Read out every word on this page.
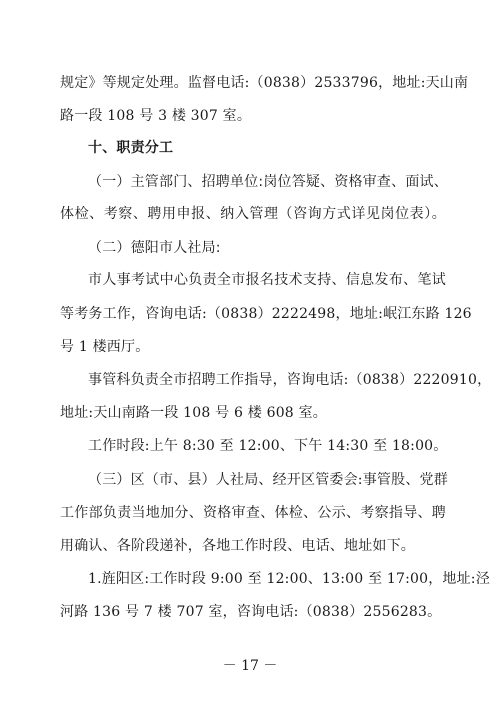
规定》等规定处理。监督电话:（0838）2533796，地址:天山南
路一段 108 号 3 楼 307 室。
十、职责分工
（一）主管部门、招聘单位:岗位答疑、资格审查、面试、
体检、考察、聘用申报、纳入管理（咨询方式详见岗位表）。
（二）德阳市人社局:
市人事考试中心负责全市报名技术支持、信息发布、笔试
等考务工作，咨询电话:（0838）2222498，地址:岷江东路 126
号 1 楼西厅。
事管科负责全市招聘工作指导，咨询电话:（0838）2220910，
地址:天山南路一段 108 号 6 楼 608 室。
工作时段:上午 8:30 至 12:00、下午 14:30 至 18:00。
（三）区（市、县）人社局、经开区管委会:事管股、党群
工作部负责当地加分、资格审查、体检、公示、考察指导、聘
用确认、各阶段递补，各地工作时段、电话、地址如下。
1.旌阳区:工作时段 9:00 至 12:00、13:00 至 17:00，地址:泾
河路 136 号 7 楼 707 室，咨询电话:（0838）2556283。
－ 17 －
